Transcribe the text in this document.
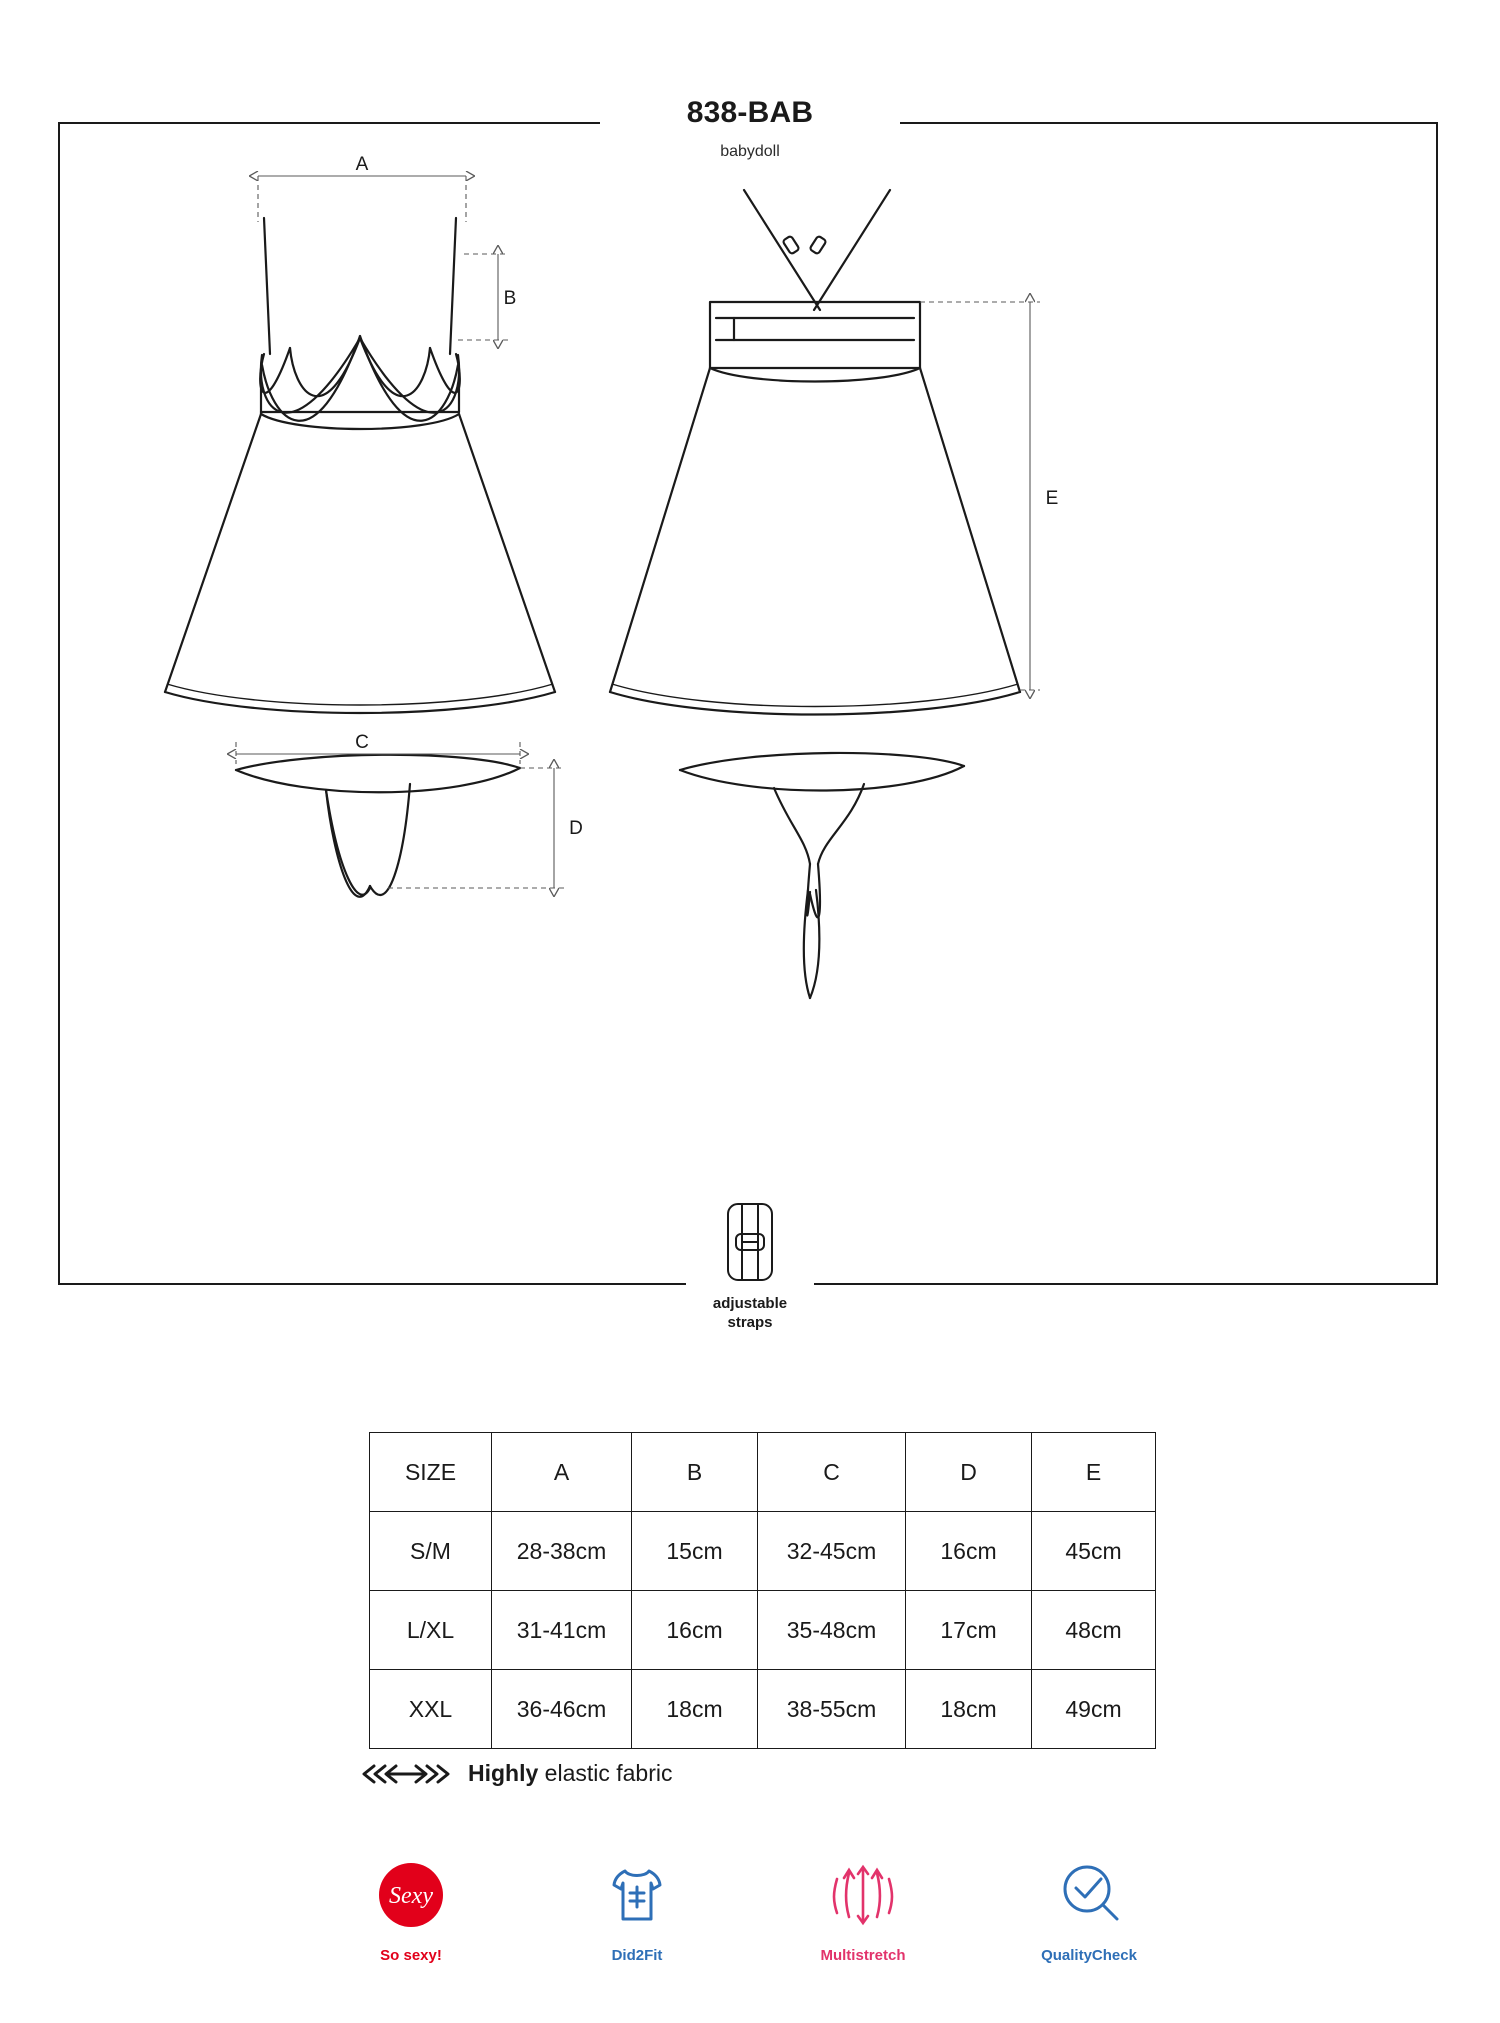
838-BAB
babydoll
A
B
E
C
D
adjustable
straps
SIZE	A	B	C	D	E
S/M	28-38cm	15cm	32-45cm	16cm	45cm
L/XL	31-41cm	16cm	35-48cm	17cm	48cm
XXL	36-46cm	18cm	38-55cm	18cm	49cm
Highly elastic fabric
Sexy
So sexy!	Did2Fit	Multistretch	QualityCheck
